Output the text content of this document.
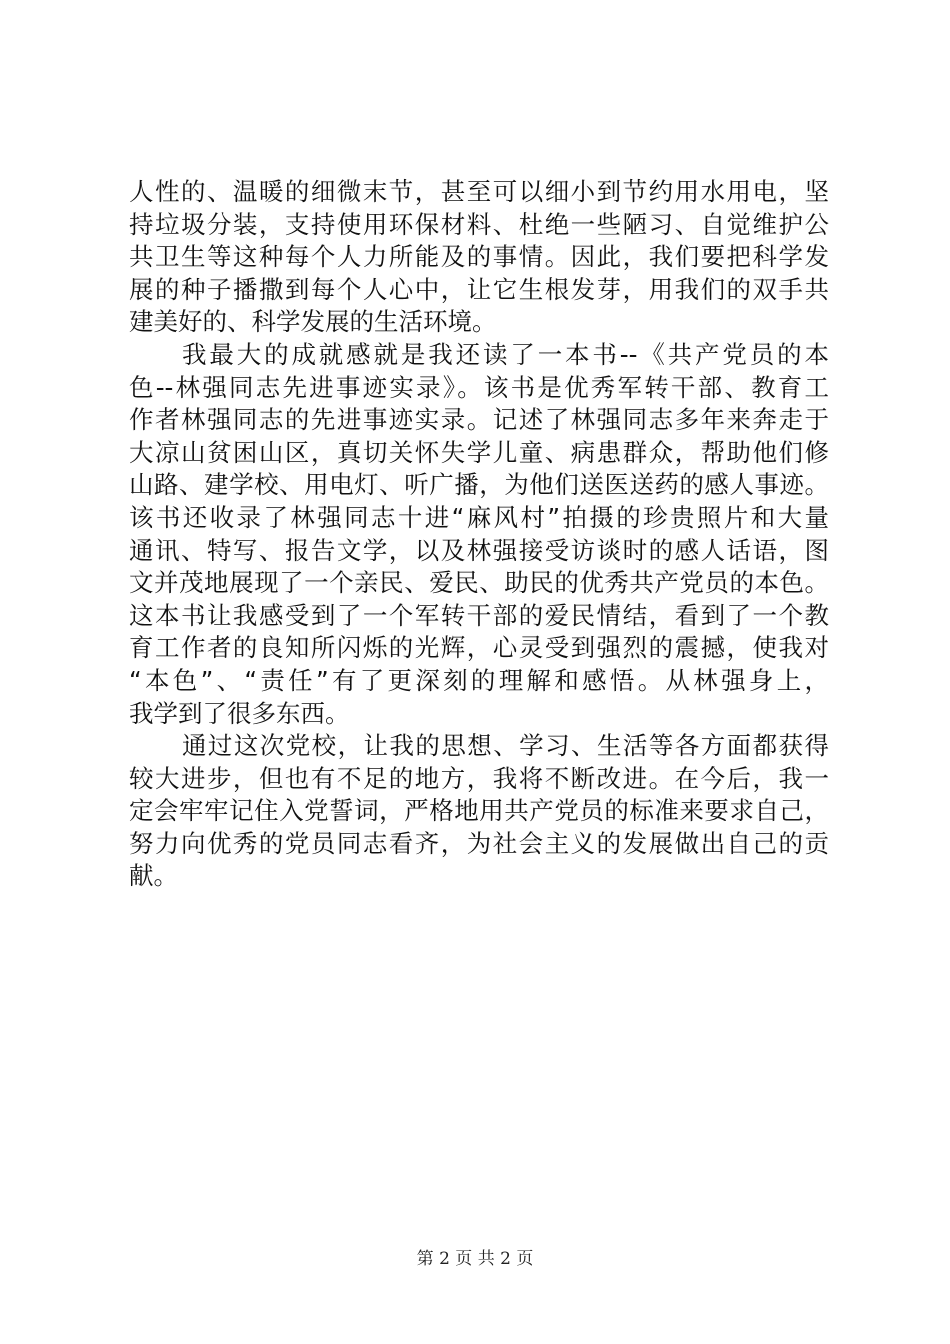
人性的、温暖的细微末节，甚至可以细小到节约用水用电，坚
持垃圾分装，支持使用环保材料、杜绝一些陋习、自觉维护公
共卫生等这种每个人力所能及的事情。因此，我们要把科学发
展的种子播撒到每个人心中，让它生根发芽，用我们的双手共
建美好的、科学发展的生活环境。
我最大的成就感就是我还读了一本书--《共产党员的本
色--林强同志先进事迹实录》。该书是优秀军转干部、教育工
作者林强同志的先进事迹实录。记述了林强同志多年来奔走于
大凉山贫困山区，真切关怀失学儿童、病患群众，帮助他们修
山路、建学校、用电灯、听广播，为他们送医送药的感人事迹。
该书还收录了林强同志十进“麻风村”拍摄的珍贵照片和大量
通讯、特写、报告文学，以及林强接受访谈时的感人话语，图
文并茂地展现了一个亲民、爱民、助民的优秀共产党员的本色。
这本书让我感受到了一个军转干部的爱民情结，看到了一个教
育工作者的良知所闪烁的光辉，心灵受到强烈的震撼，使我对
“本色”、“责任”有了更深刻的理解和感悟。从林强身上，
我学到了很多东西。
通过这次党校，让我的思想、学习、生活等各方面都获得
较大进步，但也有不足的地方，我将不断改进。在今后，我一
定会牢牢记住入党誓词，严格地用共产党员的标准来要求自己，
努力向优秀的党员同志看齐，为社会主义的发展做出自己的贡
献。
第 2 页 共 2 页
